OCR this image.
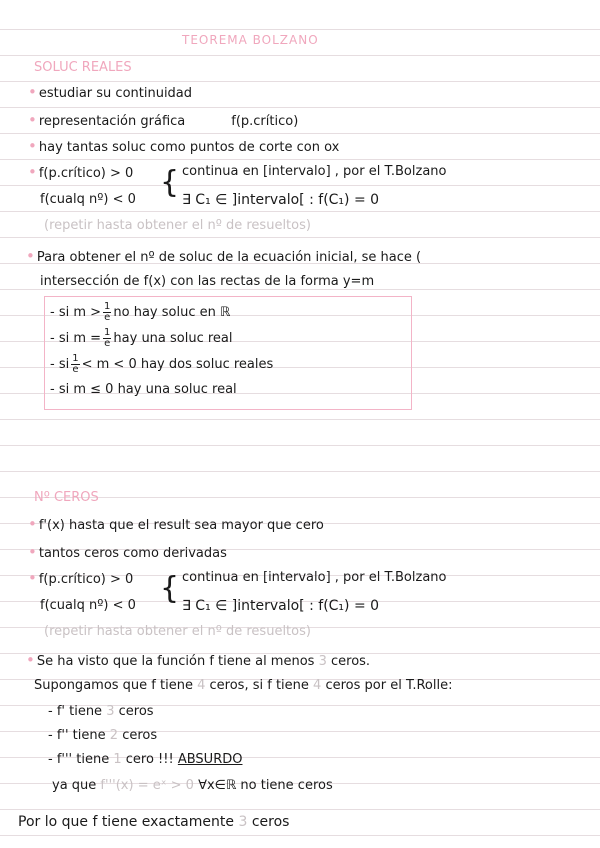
TEOREMA BOLZANO
SOLUC REALES
• estudiar su continuidad
• representación gráfica	f(p.crítico)
• hay tantas soluc como puntos de corte con ox
• f(p.crítico) > 0 { continua en [intervalo] , por el T.Bolzano
f(cualq nº) < 0	∃ C₁ ∈ ]intervalo[ : f(C₁) = 0
(repetir hasta obtener el nº de resueltos)
• Para obtener el nº de soluc de la ecuación inicial, se hace (
intersección de f(x) con las rectas de la forma y=m
- si $m > \frac{1}{e}$ no hay soluc en ℝ
- si $m = \frac{1}{e}$ hay una soluc real
- si $\frac{1}{e} < m < 0$ hay dos soluc reales
- si m ≤ 0 hay una soluc real
Nº CEROS
• f'(x) hasta que el result sea mayor que cero
• tantos ceros como derivadas
• f(p.crítico) > 0 { continua en [intervalo] , por el T.Bolzano
f(cualq nº) < 0	∃ C₁ ∈ ]intervalo[ : f(C₁) = 0
(repetir hasta obtener el nº de resueltos)
• Se ha visto que la función f tiene al menos 3 ceros.
Supongamos que f tiene 4 ceros, si f tiene 4 ceros por el T.Rolle:
- f' tiene 3 ceros
- f'' tiene 2 ceros
- f''' tiene 1 cero !!! ABSURDO
ya que f'''(x) = eˣ > 0 ∀x∈ℝ no tiene ceros
Por lo que f tiene exactamente 3 ceros
